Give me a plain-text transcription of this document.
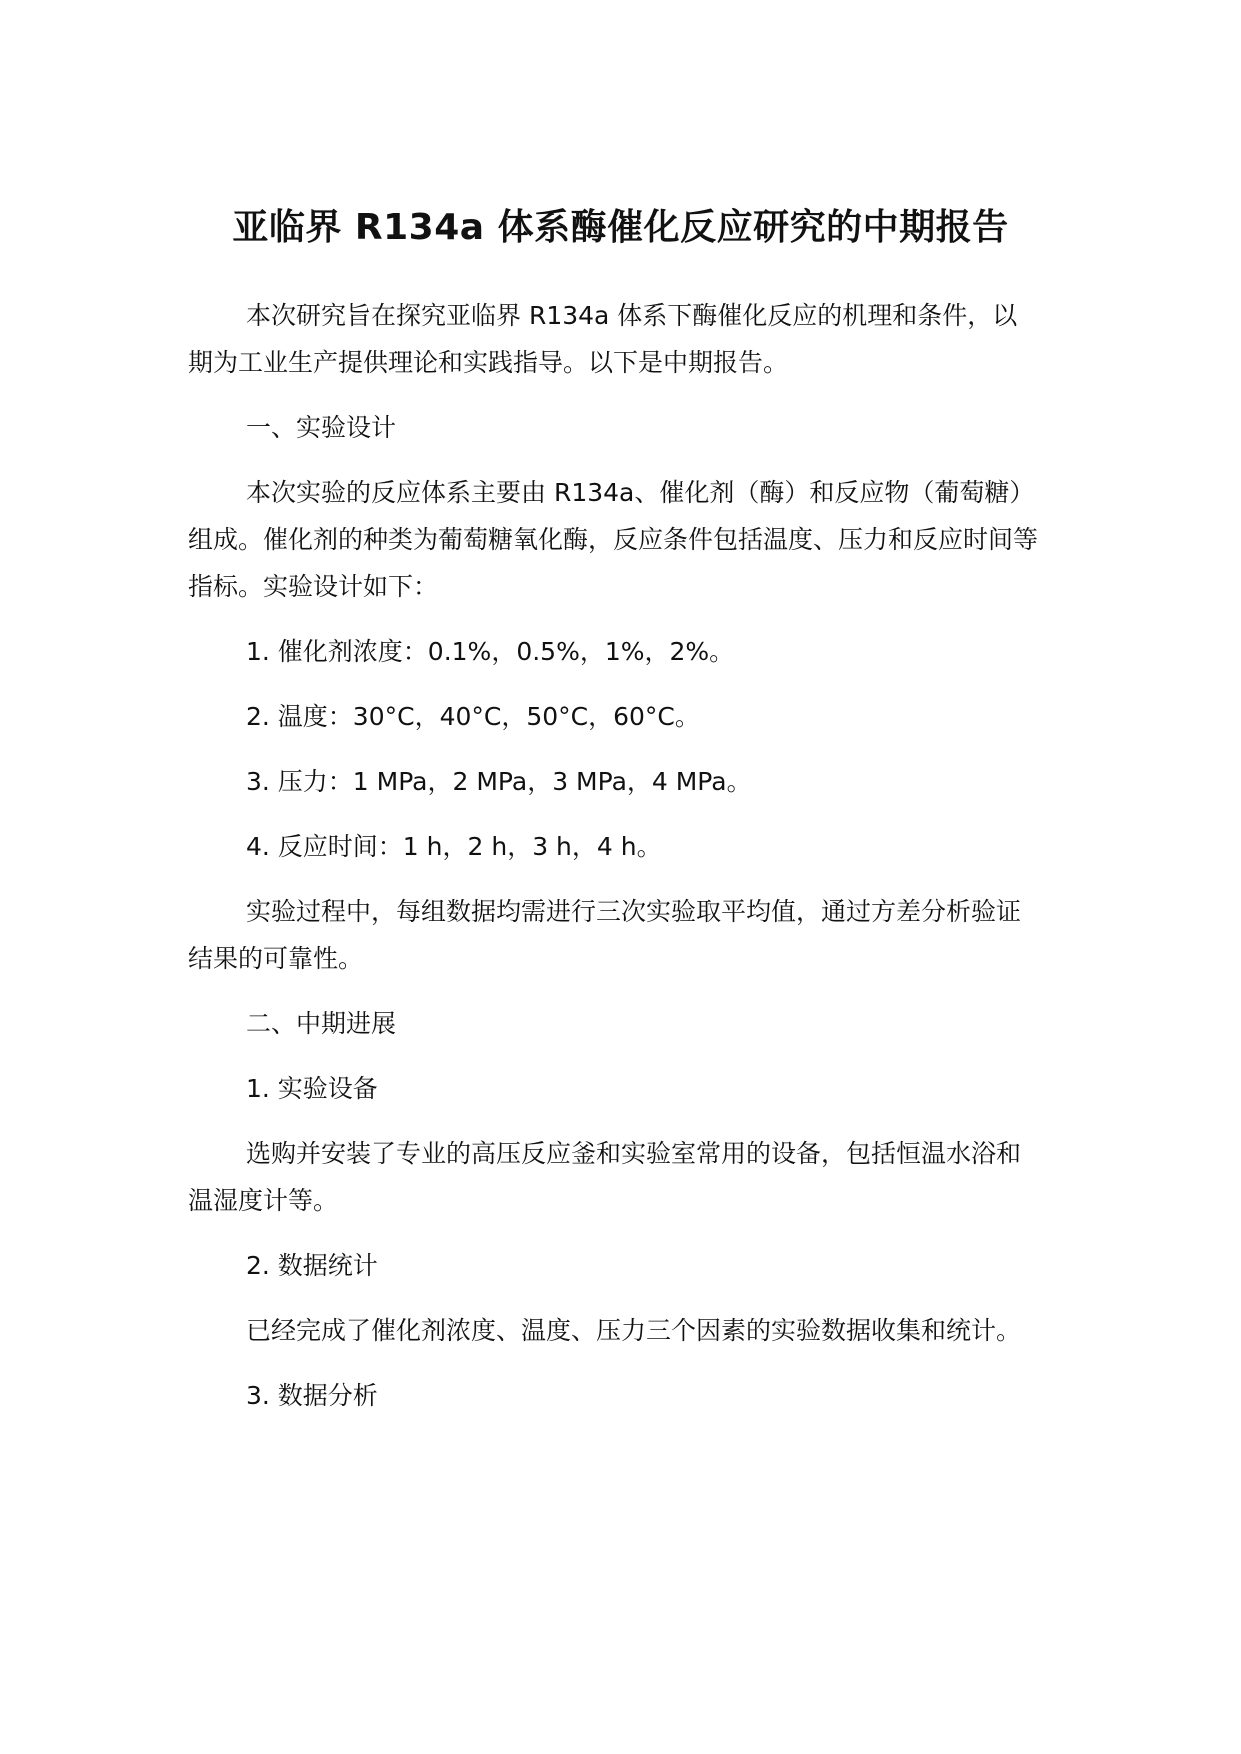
亚临界 R134a 体系酶催化反应研究的中期报告

本次研究旨在探究亚临界 R134a 体系下酶催化反应的机理和条件，以期为工业生产提供理论和实践指导。以下是中期报告。

一、实验设计

本次实验的反应体系主要由 R134a、催化剂（酶）和反应物（葡萄糖）组成。催化剂的种类为葡萄糖氧化酶，反应条件包括温度、压力和反应时间等指标。实验设计如下：

1. 催化剂浓度：0.1%，0.5%，1%，2%。

2. 温度：30°C，40°C，50°C，60°C。

3. 压力：1 MPa，2 MPa，3 MPa，4 MPa。

4. 反应时间：1 h，2 h，3 h，4 h。

实验过程中，每组数据均需进行三次实验取平均值，通过方差分析验证结果的可靠性。

二、中期进展

1. 实验设备

选购并安装了专业的高压反应釜和实验室常用的设备，包括恒温水浴和温湿度计等。

2. 数据统计

已经完成了催化剂浓度、温度、压力三个因素的实验数据收集和统计。

3. 数据分析
